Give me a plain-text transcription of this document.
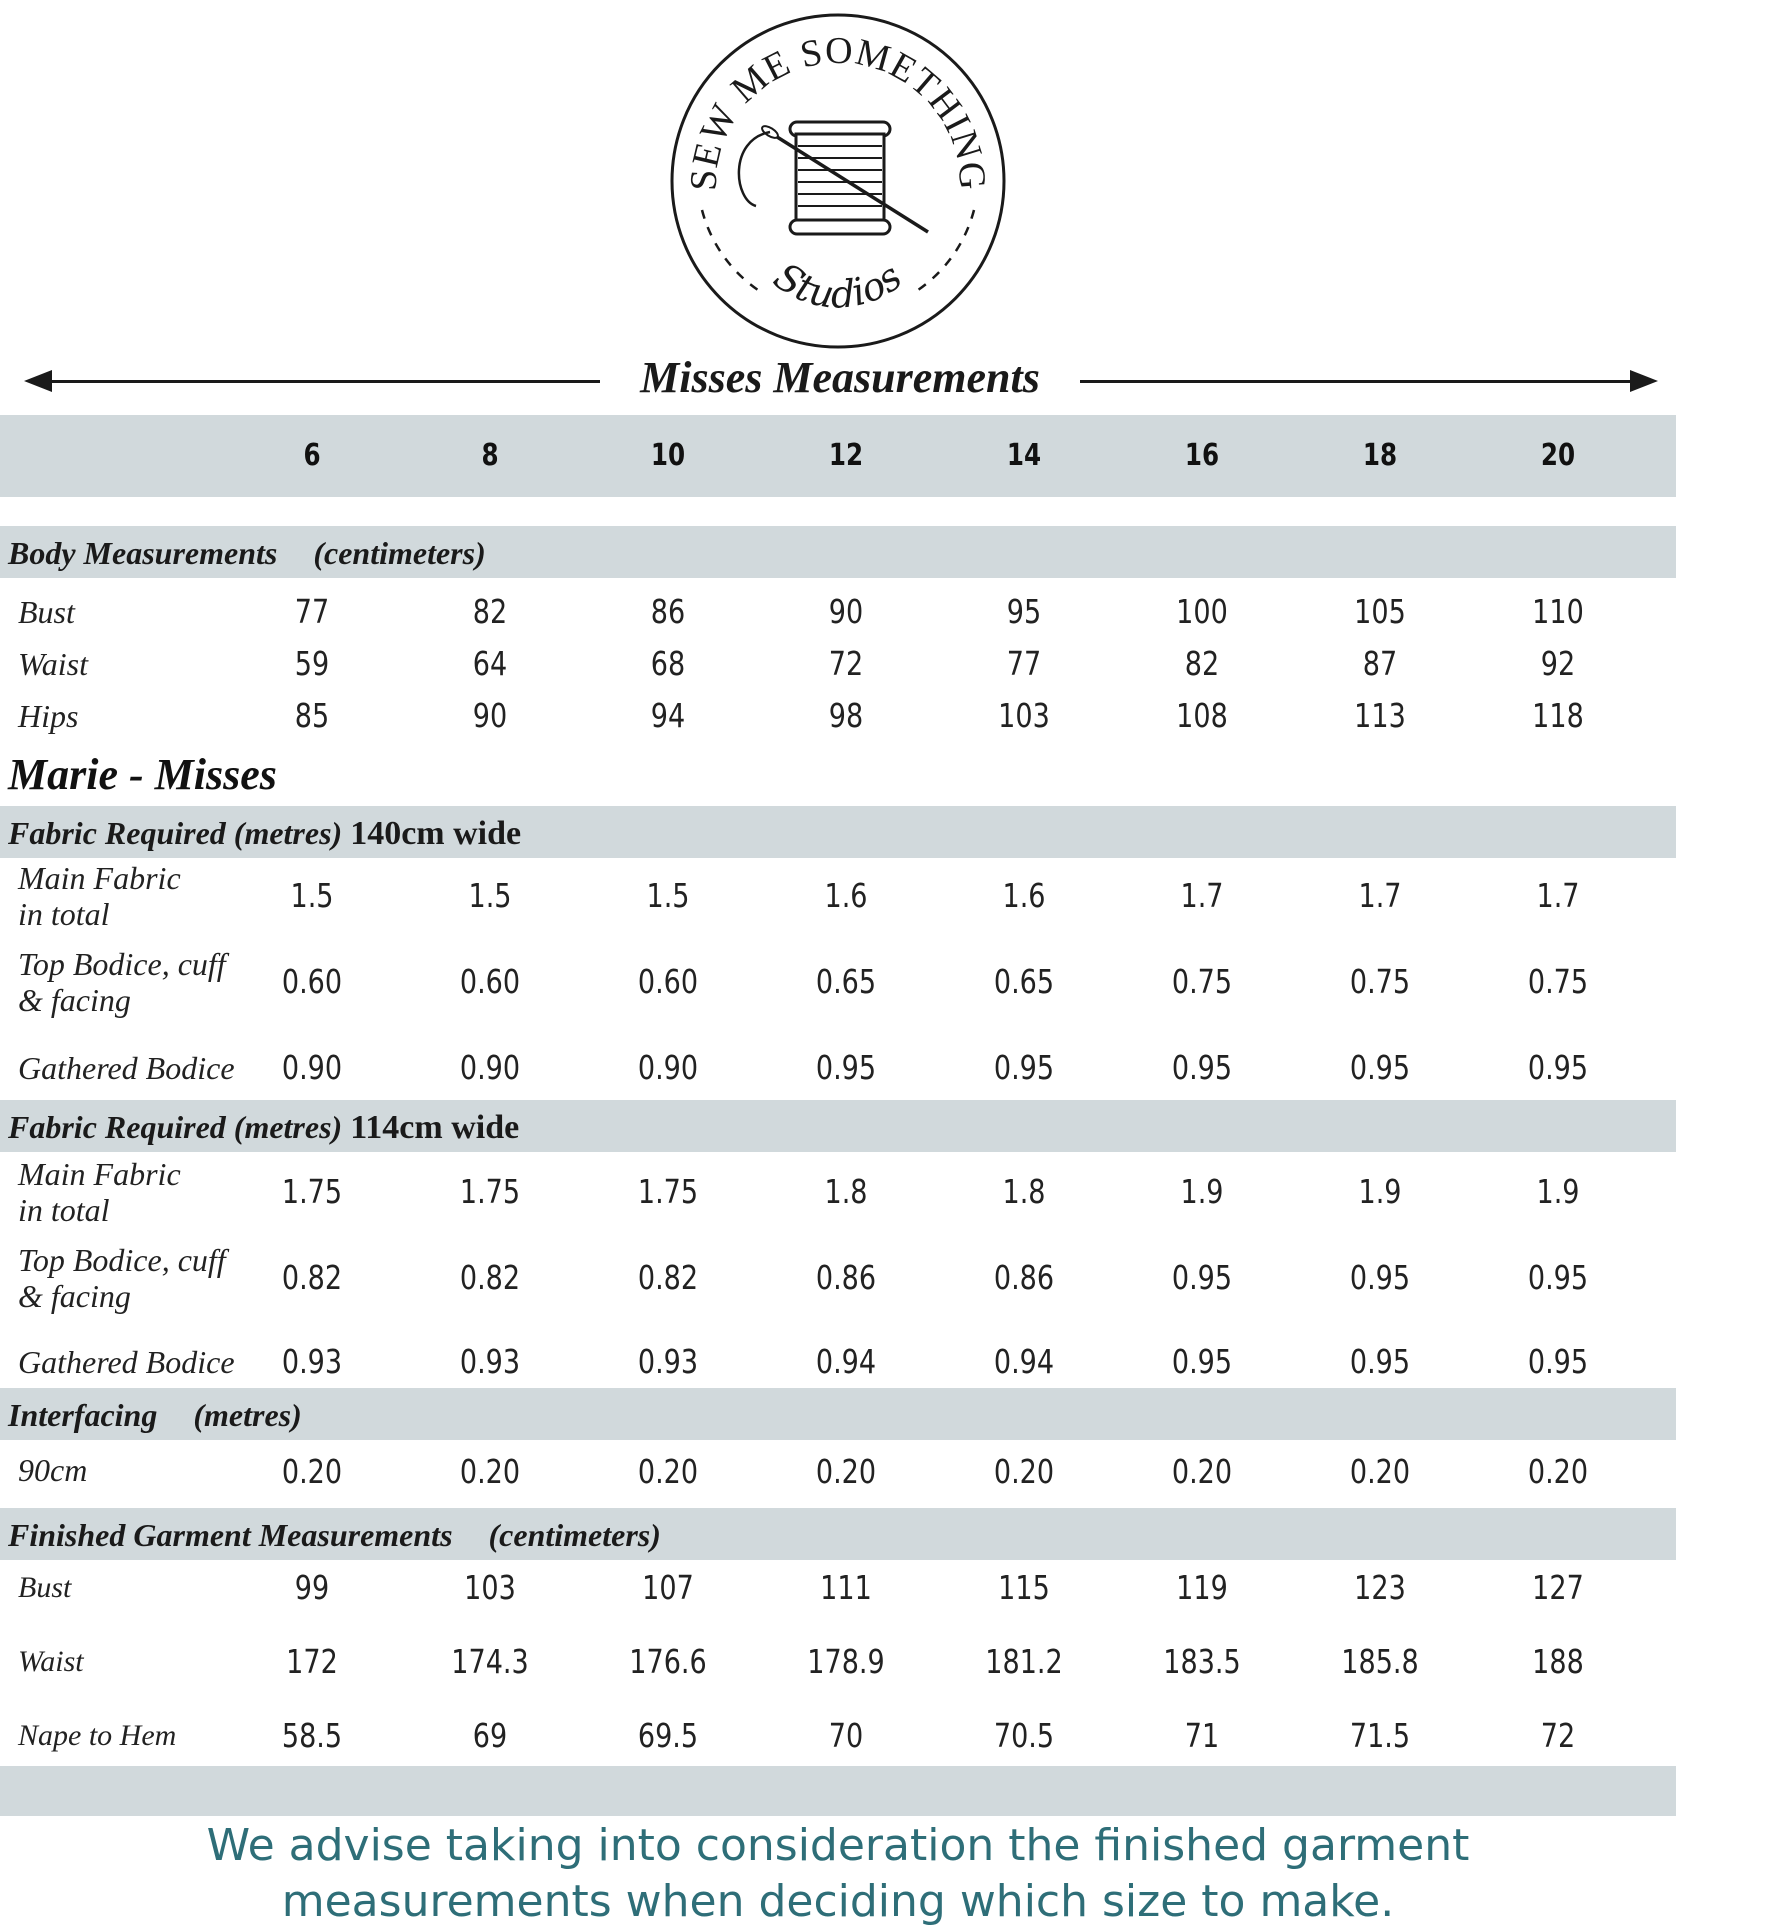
SEW ME SOMETHING
Studios
Misses Measurements
6	8	10	12	14	16	18	20
Body Measurements (centimeters)
Bust	77	82	86	90	95	100	105	110
Waist	59	64	68	72	77	82	87	92
Hips	85	90	94	98	103	108	113	118
Marie - Misses
Fabric Required (metres) 140cm wide
Main Fabric
in total	1.5	1.5	1.5	1.6	1.6	1.7	1.7	1.7
Top Bodice, cuff
& facing	0.60	0.60	0.60	0.65	0.65	0.75	0.75	0.75
Gathered Bodice	0.90	0.90	0.90	0.95	0.95	0.95	0.95	0.95
Fabric Required (metres) 114cm wide
Main Fabric
in total	1.75	1.75	1.75	1.8	1.8	1.9	1.9	1.9
Top Bodice, cuff
& facing	0.82	0.82	0.82	0.86	0.86	0.95	0.95	0.95
Gathered Bodice	0.93	0.93	0.93	0.94	0.94	0.95	0.95	0.95
Interfacing (metres)
90cm	0.20	0.20	0.20	0.20	0.20	0.20	0.20	0.20
Finished Garment Measurements (centimeters)
Bust	99	103	107	111	115	119	123	127
Waist	172	174.3	176.6	178.9	181.2	183.5	185.8	188
Nape to Hem	58.5	69	69.5	70	70.5	71	71.5	72
We advise taking into consideration the finished garment
measurements when deciding which size to make.
